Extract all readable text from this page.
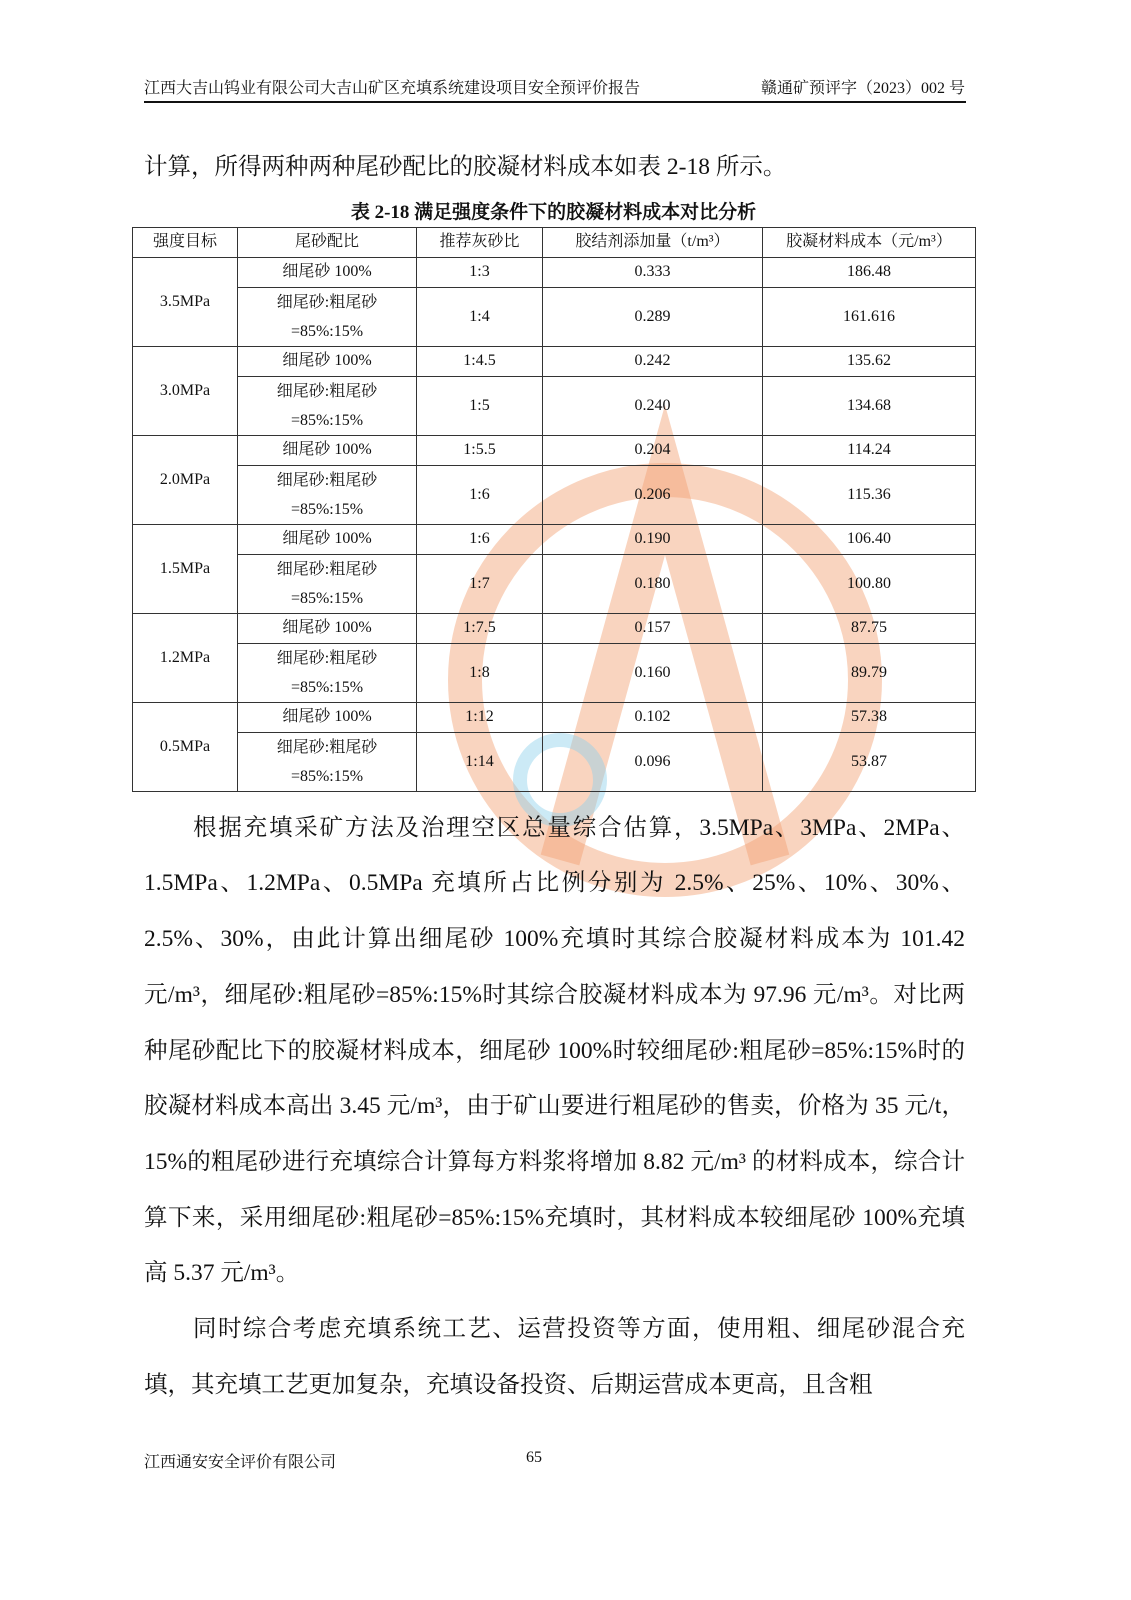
江西大吉山钨业有限公司大吉山矿区充填系统建设项目安全预评价报告	赣通矿预评字（2023）002 号

计算，所得两种两种尾砂配比的胶凝材料成本如表 2-18 所示。

表 2-18 满足强度条件下的胶凝材料成本对比分析
强度目标	尾砂配比	推荐灰砂比	胶结剂添加量（t/m³）	胶凝材料成本（元/m³）
3.5MPa	细尾砂 100%	1:3	0.333	186.48
	细尾砂:粗尾砂=85%:15%	1:4	0.289	161.616
3.0MPa	细尾砂 100%	1:4.5	0.242	135.62
	细尾砂:粗尾砂=85%:15%	1:5	0.240	134.68
2.0MPa	细尾砂 100%	1:5.5	0.204	114.24
	细尾砂:粗尾砂=85%:15%	1:6	0.206	115.36
1.5MPa	细尾砂 100%	1:6	0.190	106.40
	细尾砂:粗尾砂=85%:15%	1:7	0.180	100.80
1.2MPa	细尾砂 100%	1:7.5	0.157	87.75
	细尾砂:粗尾砂=85%:15%	1:8	0.160	89.79
0.5MPa	细尾砂 100%	1:12	0.102	57.38
	细尾砂:粗尾砂=85%:15%	1:14	0.096	53.87

根据充填采矿方法及治理空区总量综合估算，3.5MPa、3MPa、2MPa、1.5MPa、1.2MPa、0.5MPa 充填所占比例分别为 2.5%、25%、10%、30%、2.5%、30%，由此计算出细尾砂 100%充填时其综合胶凝材料成本为 101.42 元/m³，细尾砂:粗尾砂=85%:15%时其综合胶凝材料成本为 97.96 元/m³。对比两种尾砂配比下的胶凝材料成本，细尾砂 100%时较细尾砂:粗尾砂=85%:15%时的胶凝材料成本高出 3.45 元/m³，由于矿山要进行粗尾砂的售卖，价格为 35 元/t，15%的粗尾砂进行充填综合计算每方料浆将增加 8.82 元/m³ 的材料成本，综合计算下来，采用细尾砂:粗尾砂=85%:15%充填时，其材料成本较细尾砂 100%充填高 5.37 元/m³。

同时综合考虑充填系统工艺、运营投资等方面，使用粗、细尾砂混合充填，其充填工艺更加复杂，充填设备投资、后期运营成本更高，且含粗

江西通安安全评价有限公司	65
